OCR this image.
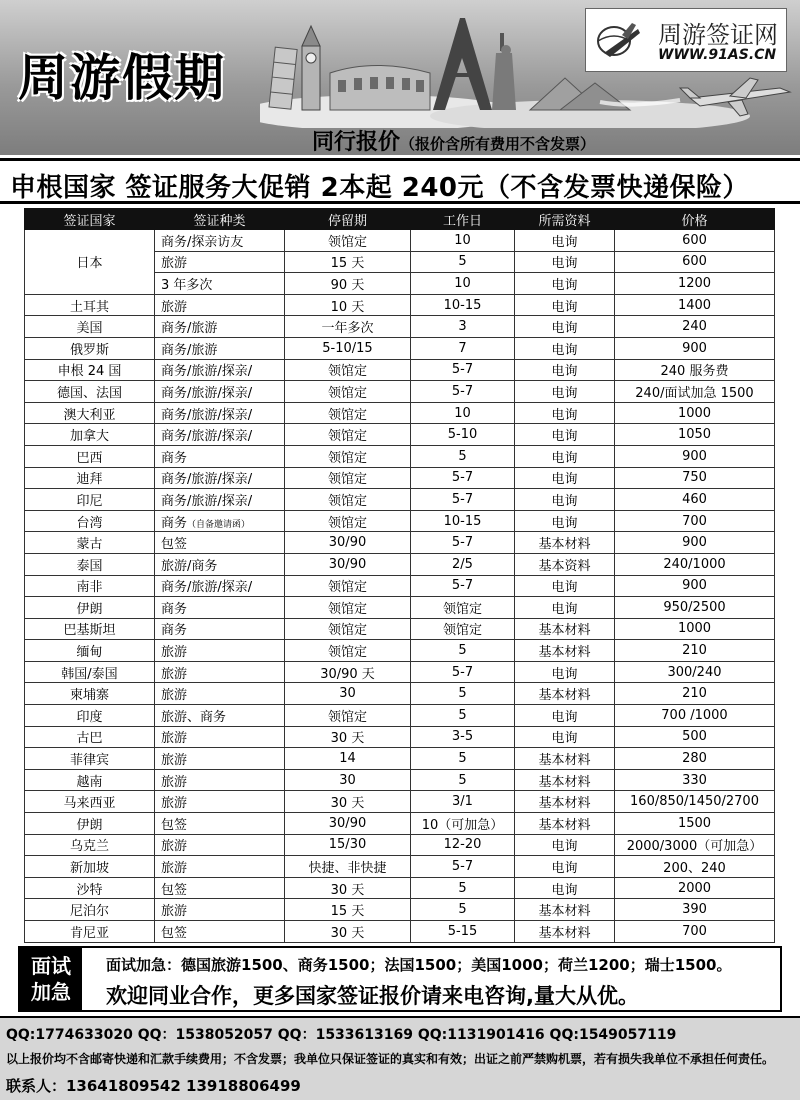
周游假期
周游签证网
WWW.91AS.CN
同行报价（报价含所有费用不含发票）
申根国家 签证服务大促销 2本起 240元（不含发票快递保险）
签证国家	签证种类	停留期	工作日	所需资料	价格
日本	商务/探亲访友	领馆定	10	电询	600
	旅游	15 天	5	电询	600
	3 年多次	90 天	10	电询	1200
土耳其	旅游	10 天	10-15	电询	1400
美国	商务/旅游	一年多次	3	电询	240
俄罗斯	商务/旅游	5-10/15	7	电询	900
申根 24 国	商务/旅游/探亲/	领馆定	5-7	电询	240 服务费
德国、法国	商务/旅游/探亲/	领馆定	5-7	电询	240/面试加急 1500
澳大利亚	商务/旅游/探亲/	领馆定	10	电询	1000
加拿大	商务/旅游/探亲/	领馆定	5-10	电询	1050
巴西	商务	领馆定	5	电询	900
迪拜	商务/旅游/探亲/	领馆定	5-7	电询	750
印尼	商务/旅游/探亲/	领馆定	5-7	电询	460
台湾	商务（自备邀请函）	领馆定	10-15	电询	700
蒙古	包签	30/90	5-7	基本材料	900
泰国	旅游/商务	30/90	2/5	基本资料	240/1000
南非	商务/旅游/探亲/	领馆定	5-7	电询	900
伊朗	商务	领馆定	领馆定	电询	950/2500
巴基斯坦	商务	领馆定	领馆定	基本材料	1000
缅甸	旅游	领馆定	5	基本材料	210
韩国/泰国	旅游	30/90 天	5-7	电询	300/240
柬埔寨	旅游	30	5	基本材料	210
印度	旅游、商务	领馆定	5	电询	700 /1000
古巴	旅游	30 天	3-5	电询	500
菲律宾	旅游	14	5	基本材料	280
越南	旅游	30	5	基本材料	330
马来西亚	旅游	30 天	3/1	基本材料	160/850/1450/2700
伊朗	包签	30/90	10（可加急）	基本材料	1500
乌克兰	旅游	15/30	12-20	电询	2000/3000（可加急）
新加坡	旅游	快捷、非快捷	5-7	电询	200、240
沙特	包签	30 天	5	电询	2000
尼泊尔	旅游	15 天	5	基本材料	390
肯尼亚	包签	30 天	5-15	基本材料	700
面试
加急
面试加急：德国旅游1500、商务1500；法国1500；美国1000；荷兰1200；瑞士1500。
欢迎同业合作，更多国家签证报价请来电咨询,量大从优。
QQ:1774633020 QQ：1538052057 QQ：1533613169 QQ:1131901416 QQ:1549057119
以上报价均不含邮寄快递和汇款手续费用；不含发票；我单位只保证签证的真实和有效；出证之前严禁购机票，若有损失我单位不承担任何责任。
联系人：13641809542 13918806499
